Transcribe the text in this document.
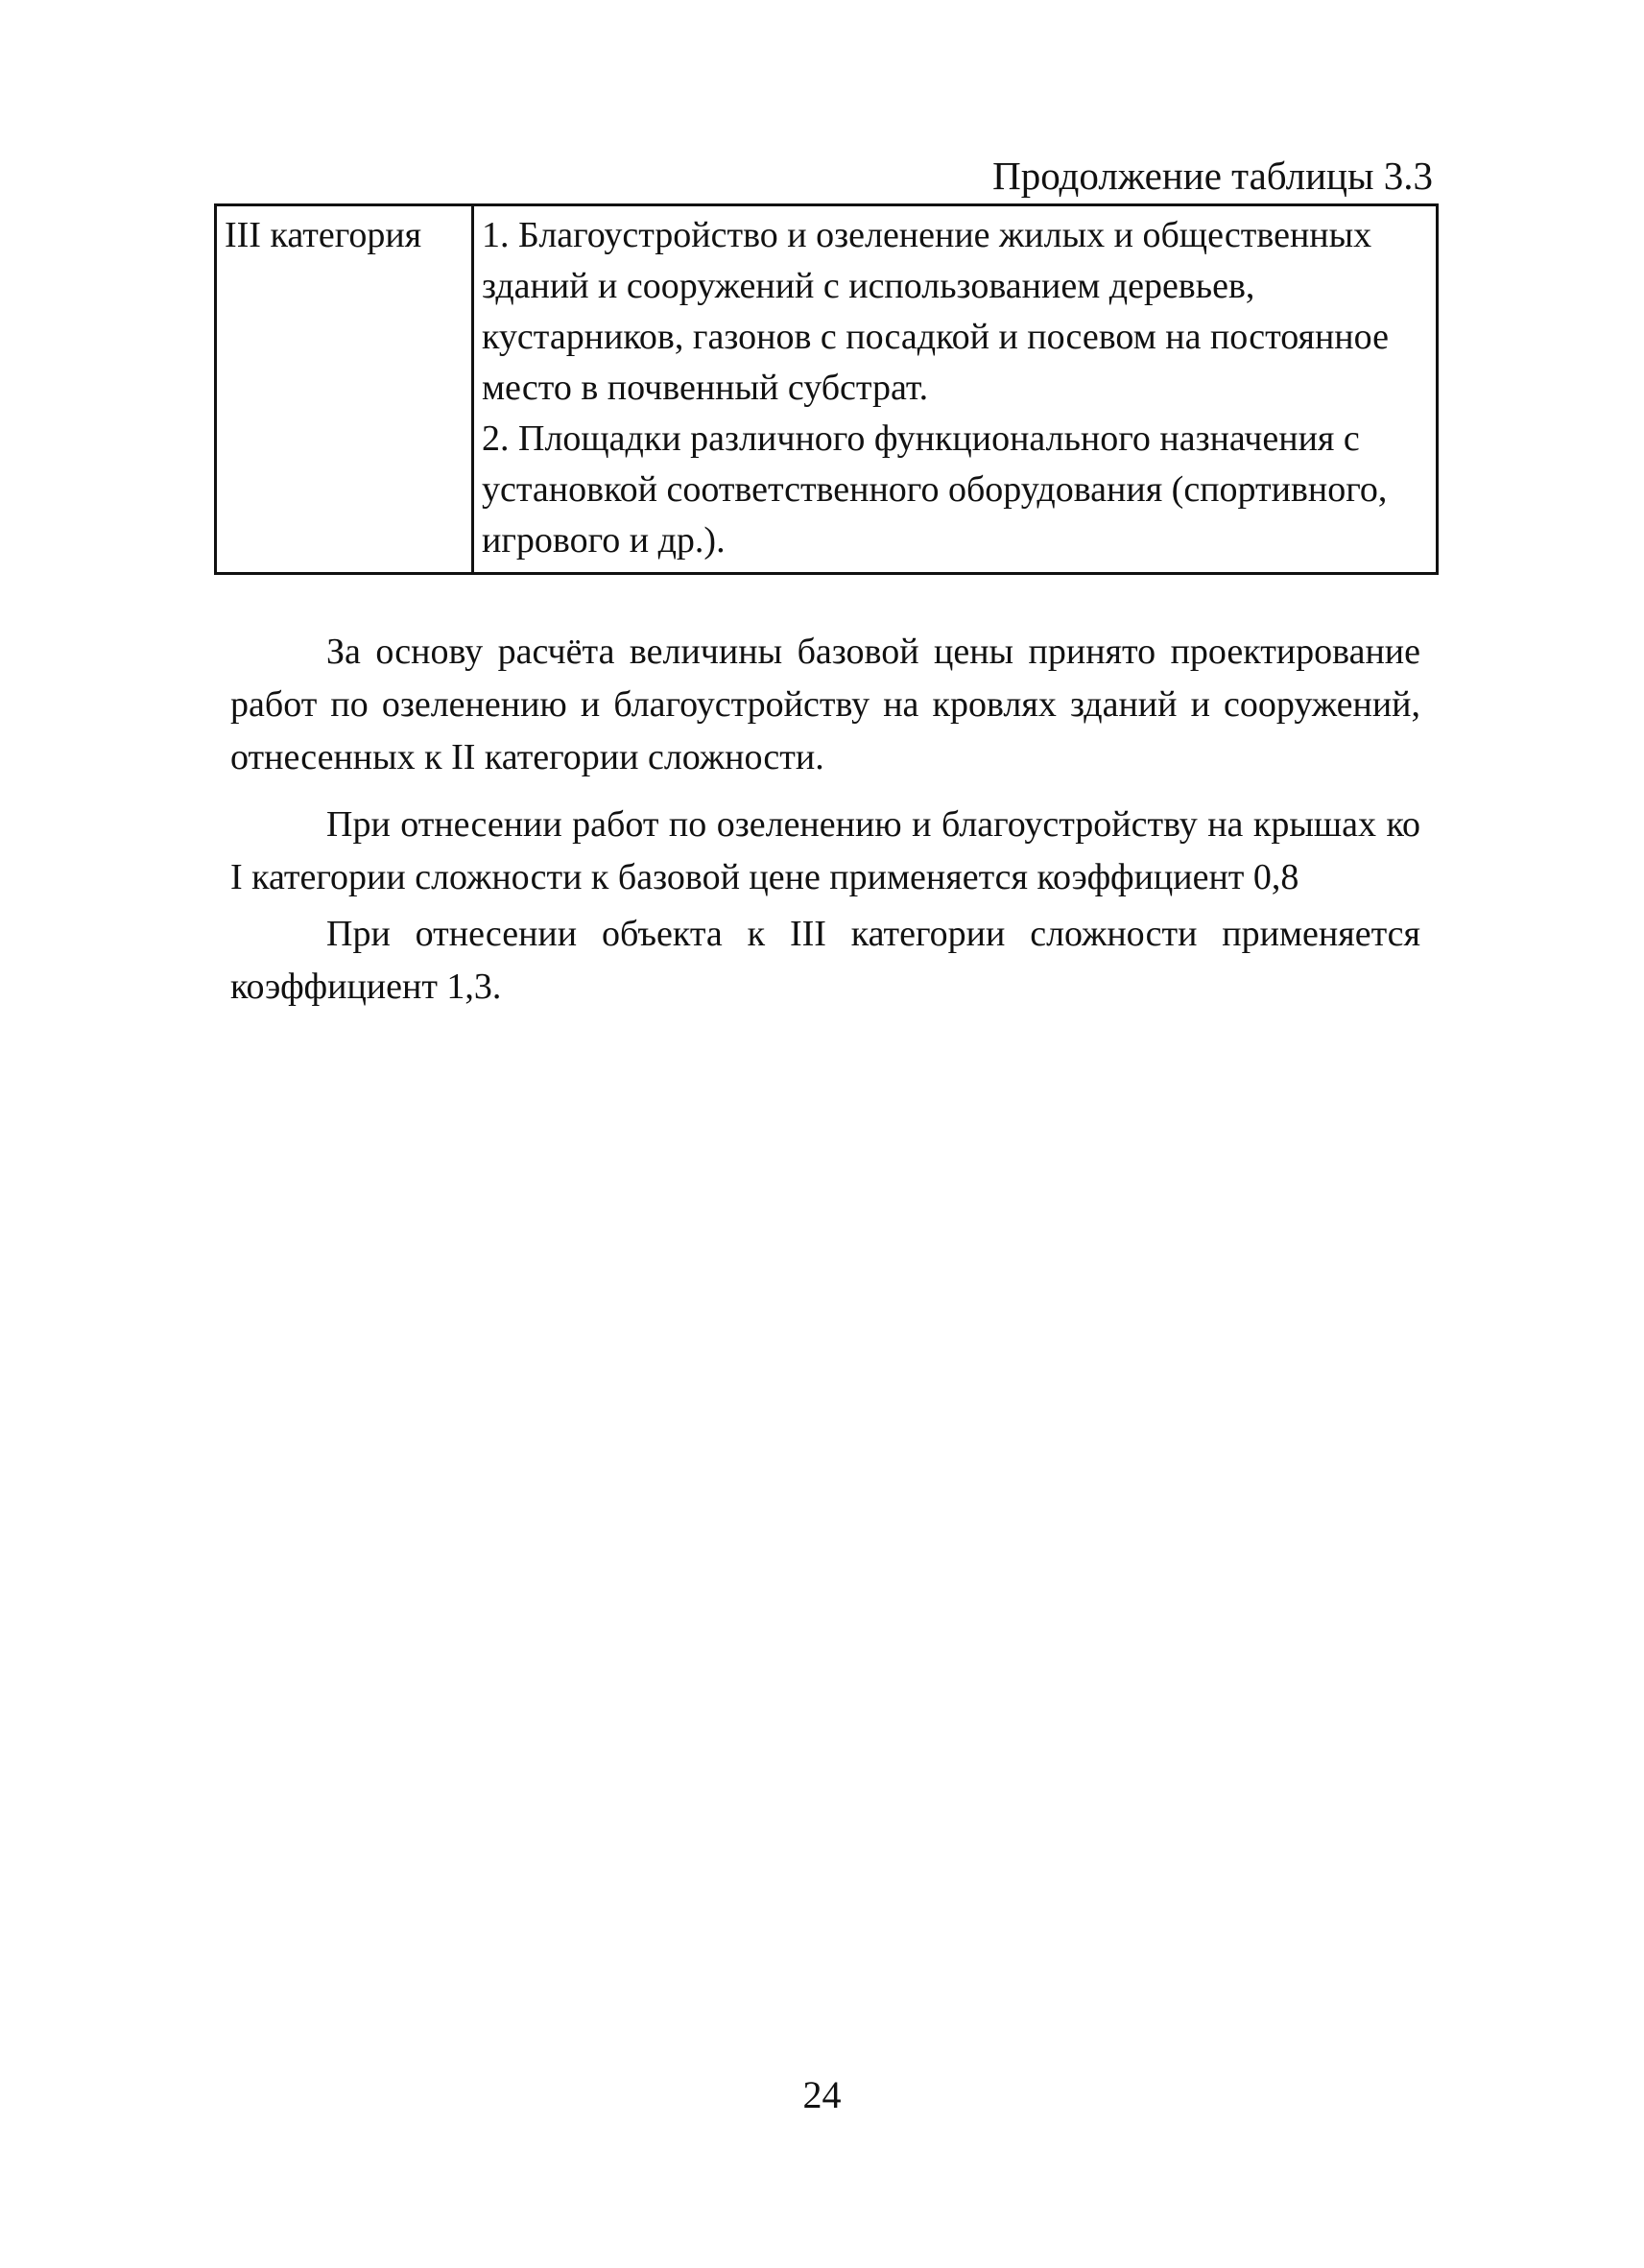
Продолжение таблицы 3.3
III категория	1. Благоустройство и озеленение жилых и общественных зданий и сооружений с использованием деревьев, кустарников, газонов с посадкой и посевом на постоянное место в почвенный субстрат.
2. Площадки различного функционального назначения с установкой соответственного оборудования (спортивного, игрового и др.).

За основу расчёта величины базовой цены принято проектирование работ по озеленению и благоустройству на кровлях зданий и сооружений, отнесенных к II категории сложности.

При отнесении работ по озеленению и благоустройству на крышах ко I категории сложности к базовой цене применяется коэффициент 0,8

При отнесении объекта к III категории сложности применяется коэффициент 1,3.

24
